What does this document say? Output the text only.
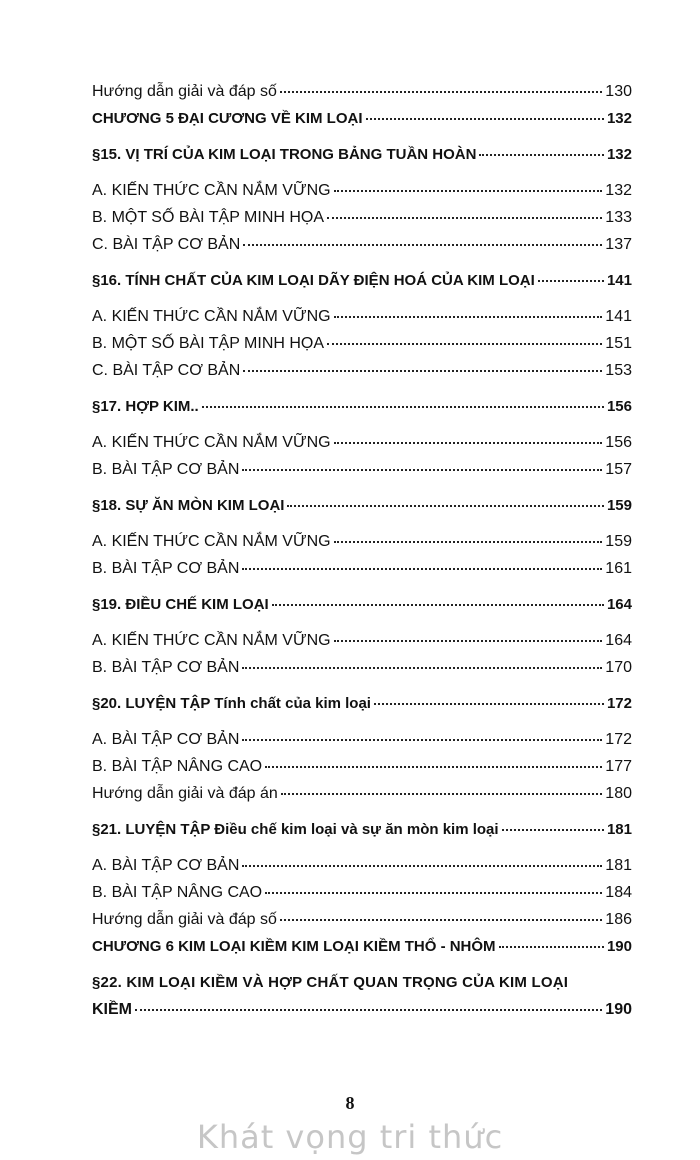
Hướng dẫn giải và đáp số	130
CHƯƠNG 5 ĐẠI CƯƠNG VỀ KIM LOẠI	132
§15. VỊ TRÍ CỦA KIM LOẠI TRONG BẢNG TUẦN HOÀN	132
A. KIẾN THỨC CẦN NẮM VỮNG	132
B. MỘT SỐ BÀI TẬP MINH HỌA	133
C. BÀI TẬP CƠ BẢN	137
§16. TÍNH CHẤT CỦA KIM LOẠI DÃY ĐIỆN HOÁ CỦA KIM LOẠI	141
A. KIẾN THỨC CẦN NẮM VỮNG	141
B. MỘT SỐ BÀI TẬP MINH HỌA	151
C. BÀI TẬP CƠ BẢN	153
§17. HỢP KIM..	156
A. KIẾN THỨC CẦN NẮM VỮNG	156
B. BÀI TẬP CƠ BẢN	157
§18. SỰ ĂN MÒN KIM LOẠI	159
A. KIẾN THỨC CẦN NẮM VỮNG	159
B. BÀI TẬP CƠ BẢN	161
§19. ĐIỀU CHẾ KIM LOẠI	164
A. KIẾN THỨC CẦN NẮM VỮNG	164
B. BÀI TẬP CƠ BẢN	170
§20. LUYỆN TẬP Tính chất của kim loại	172
A. BÀI TẬP CƠ BẢN	172
B. BÀI TẬP NÂNG CAO	177
Hướng dẫn giải và đáp án	180
§21. LUYỆN TẬP Điều chế kim loại và sự ăn mòn kim loại	181
A. BÀI TẬP CƠ BẢN	181
B. BÀI TẬP NÂNG CAO	184
Hướng dẫn giải và đáp số	186
CHƯƠNG 6 KIM LOẠI KIỀM KIM LOẠI KIỀM THỔ - NHÔM	190
§22. KIM LOẠI KIỀM VÀ HỢP CHẤT QUAN TRỌNG CỦA KIM LOẠI
KIỀM	190
8
Khát vọng tri thức
